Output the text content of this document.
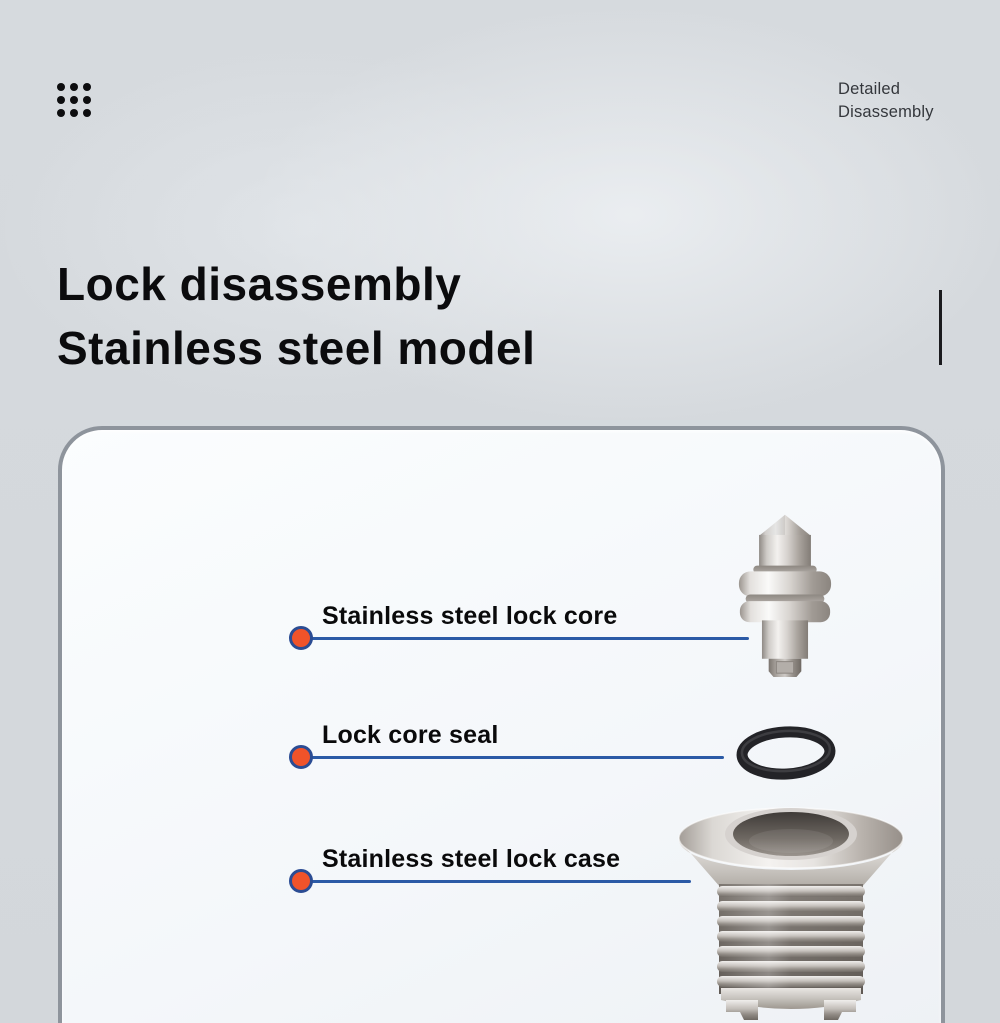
Detailed
Disassembly
Lock disassembly
Stainless steel model
Stainless steel lock core
Lock core seal
Stainless steel lock case
